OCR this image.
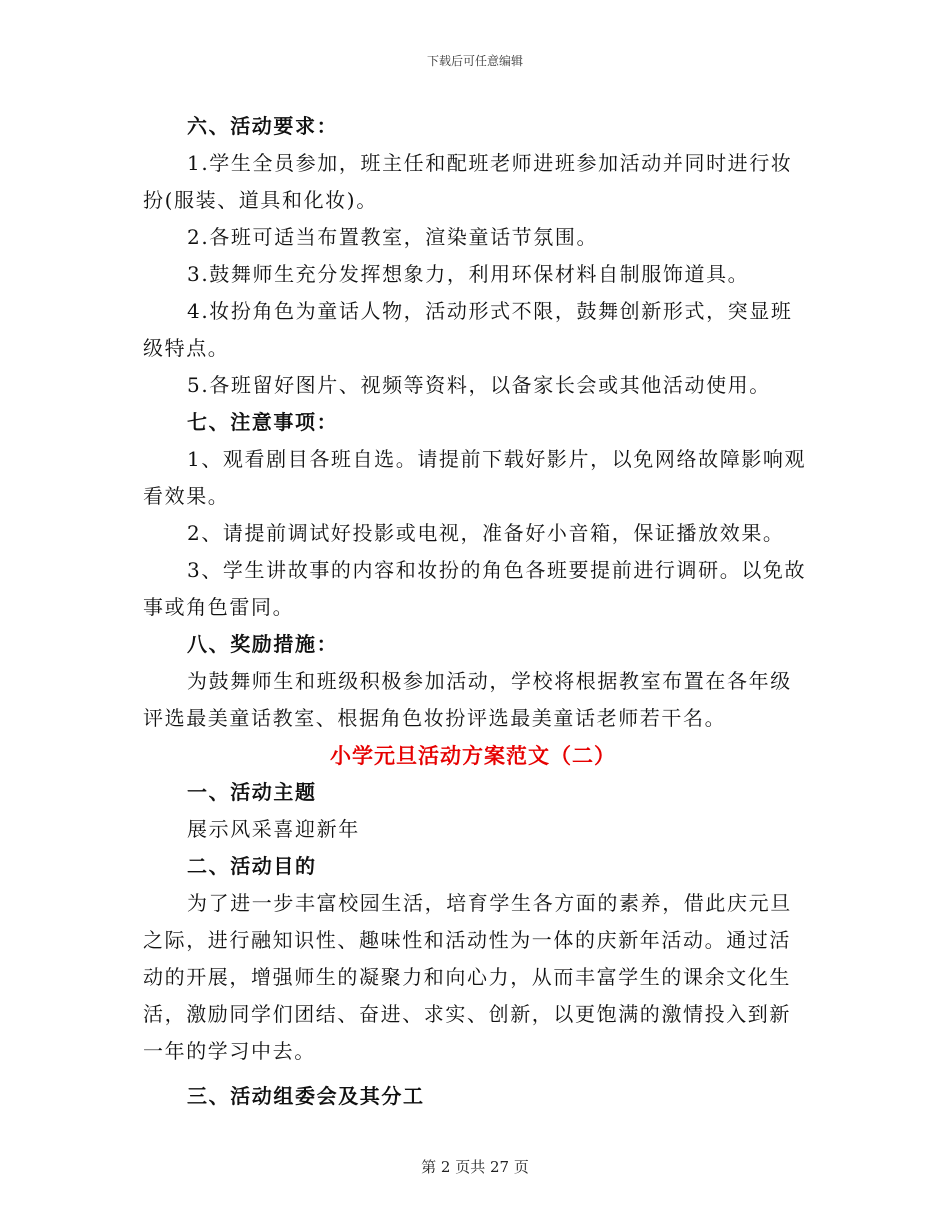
下载后可任意编辑
六、活动要求：
1.学生全员参加，班主任和配班老师进班参加活动并同时进行妆
扮(服装、道具和化妆)。
2.各班可适当布置教室，渲染童话节氛围。
3.鼓舞师生充分发挥想象力，利用环保材料自制服饰道具。
4.妆扮角色为童话人物，活动形式不限，鼓舞创新形式，突显班
级特点。
5.各班留好图片、视频等资料，以备家长会或其他活动使用。
七、注意事项：
1、观看剧目各班自选。请提前下载好影片，以免网络故障影响观
看效果。
2、请提前调试好投影或电视，准备好小音箱，保证播放效果。
3、学生讲故事的内容和妆扮的角色各班要提前进行调研。以免故
事或角色雷同。
八、奖励措施：
为鼓舞师生和班级积极参加活动，学校将根据教室布置在各年级
评选最美童话教室、根据角色妆扮评选最美童话老师若干名。
小学元旦活动方案范文（二）
一、活动主题
展示风采喜迎新年
二、活动目的
为了进一步丰富校园生活，培育学生各方面的素养，借此庆元旦
之际，进行融知识性、趣味性和活动性为一体的庆新年活动。通过活
动的开展，增强师生的凝聚力和向心力，从而丰富学生的课余文化生
活，激励同学们团结、奋进、求实、创新，以更饱满的激情投入到新
一年的学习中去。
三、活动组委会及其分工
第 2 页共 27 页
